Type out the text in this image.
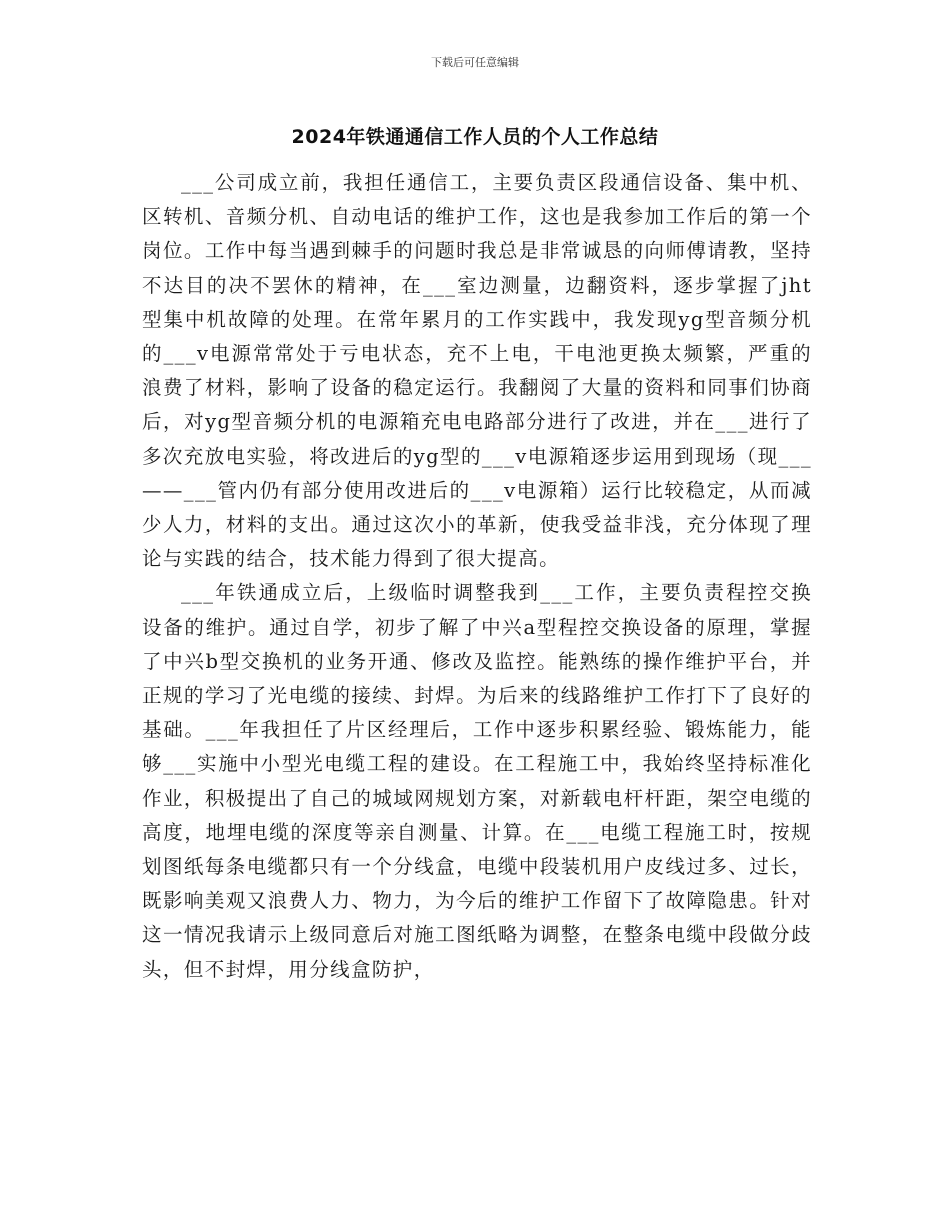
下载后可任意编辑
2024年铁通通信工作人员的个人工作总结

___公司成立前，我担任通信工，主要负责区段通信设备、集中机、区转机、音频分机、自动电话的维护工作，这也是我参加工作后的第一个岗位。工作中每当遇到棘手的问题时我总是非常诚恳的向师傅请教，坚持不达目的决不罢休的精神，在___室边测量，边翻资料，逐步掌握了jht型集中机故障的处理。在常年累月的工作实践中，我发现yg型音频分机的___v电源常常处于亏电状态，充不上电，干电池更换太频繁，严重的浪费了材料，影响了设备的稳定运行。我翻阅了大量的资料和同事们协商后，对yg型音频分机的电源箱充电电路部分进行了改进，并在___进行了多次充放电实验，将改进后的yg型的___v电源箱逐步运用到现场（现___——___管内仍有部分使用改进后的___v电源箱）运行比较稳定，从而减少人力，材料的支出。通过这次小的革新，使我受益非浅，充分体现了理论与实践的结合，技术能力得到了很大提高。

___年铁通成立后，上级临时调整我到___工作，主要负责程控交换设备的维护。通过自学，初步了解了中兴a型程控交换设备的原理，掌握了中兴b型交换机的业务开通、修改及监控。能熟练的操作维护平台，并正规的学习了光电缆的接续、封焊。为后来的线路维护工作打下了良好的基础。___年我担任了片区经理后，工作中逐步积累经验、锻炼能力，能够___实施中小型光电缆工程的建设。在工程施工中，我始终坚持标准化作业，积极提出了自己的城域网规划方案，对新载电杆杆距，架空电缆的高度，地埋电缆的深度等亲自测量、计算。在___电缆工程施工时，按规划图纸每条电缆都只有一个分线盒，电缆中段装机用户皮线过多、过长，既影响美观又浪费人力、物力，为今后的维护工作留下了故障隐患。针对这一情况我请示上级同意后对施工图纸略为调整，在整条电缆中段做分歧头，但不封焊，用分线盒防护，
